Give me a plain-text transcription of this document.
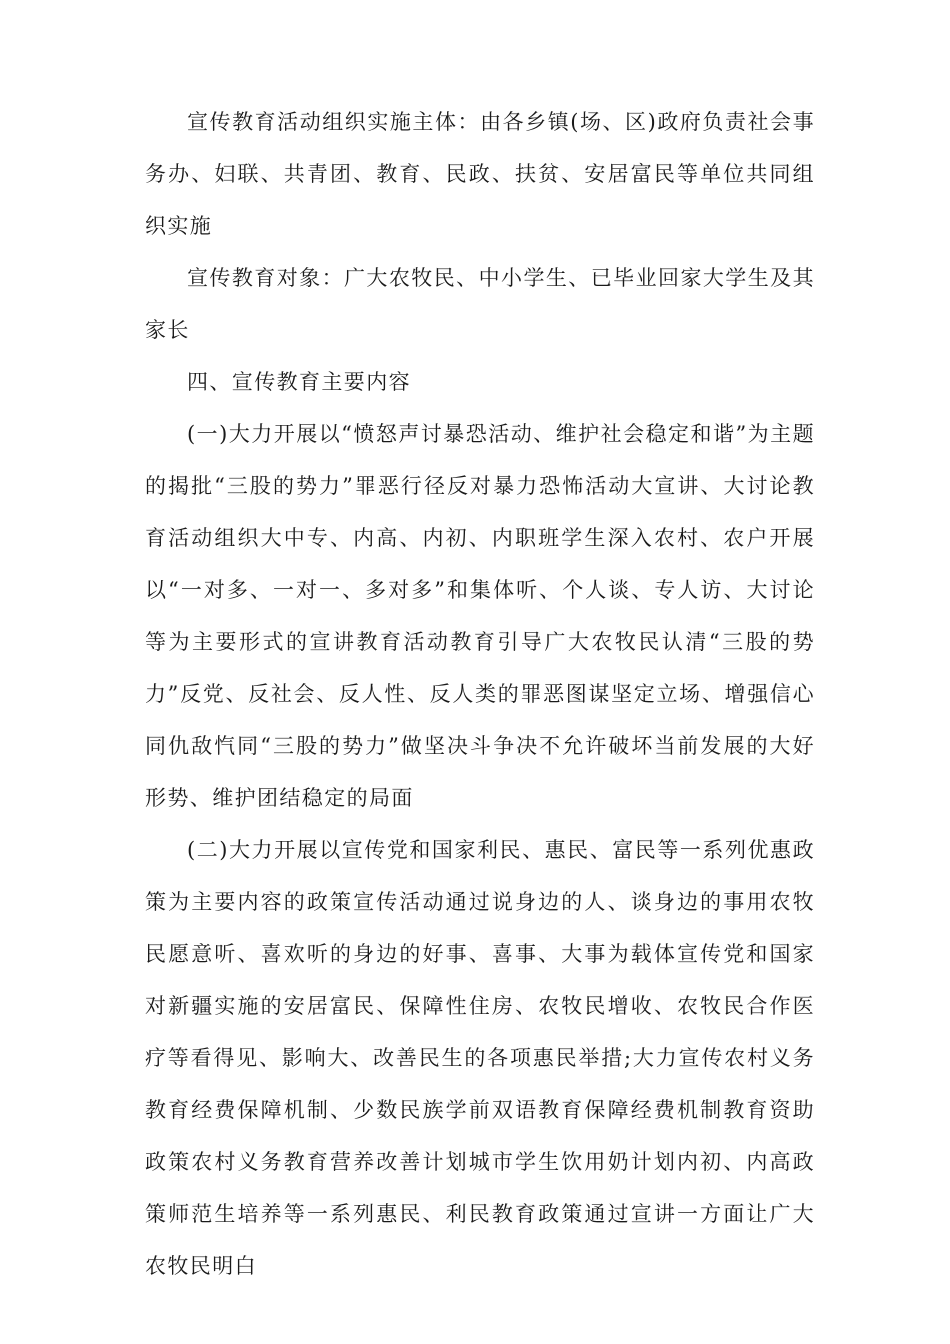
宣传教育活动组织实施主体：由各乡镇(场、区)政府负责社会事务办、妇联、共青团、教育、民政、扶贫、安居富民等单位共同组织实施

宣传教育对象：广大农牧民、中小学生、已毕业回家大学生及其家长

四、宣传教育主要内容

(一)大力开展以“愤怒声讨暴恐活动、维护社会稳定和谐”为主题的揭批“三股的势力”罪恶行径反对暴力恐怖活动大宣讲、大讨论教育活动组织大中专、内高、内初、内职班学生深入农村、农户开展以“一对多、一对一、多对多”和集体听、个人谈、专人访、大讨论等为主要形式的宣讲教育活动教育引导广大农牧民认清“三股的势力”反党、反社会、反人性、反人类的罪恶图谋坚定立场、增强信心同仇敌忾同“三股的势力”做坚决斗争决不允许破坏当前发展的大好形势、维护团结稳定的局面

(二)大力开展以宣传党和国家利民、惠民、富民等一系列优惠政策为主要内容的政策宣传活动通过说身边的人、谈身边的事用农牧民愿意听、喜欢听的身边的好事、喜事、大事为载体宣传党和国家对新疆实施的安居富民、保障性住房、农牧民增收、农牧民合作医疗等看得见、影响大、改善民生的各项惠民举措;大力宣传农村义务教育经费保障机制、少数民族学前双语教育保障经费机制教育资助政策农村义务教育营养改善计划城市学生饮用奶计划内初、内高政策师范生培养等一系列惠民、利民教育政策通过宣讲一方面让广大农牧民明白
